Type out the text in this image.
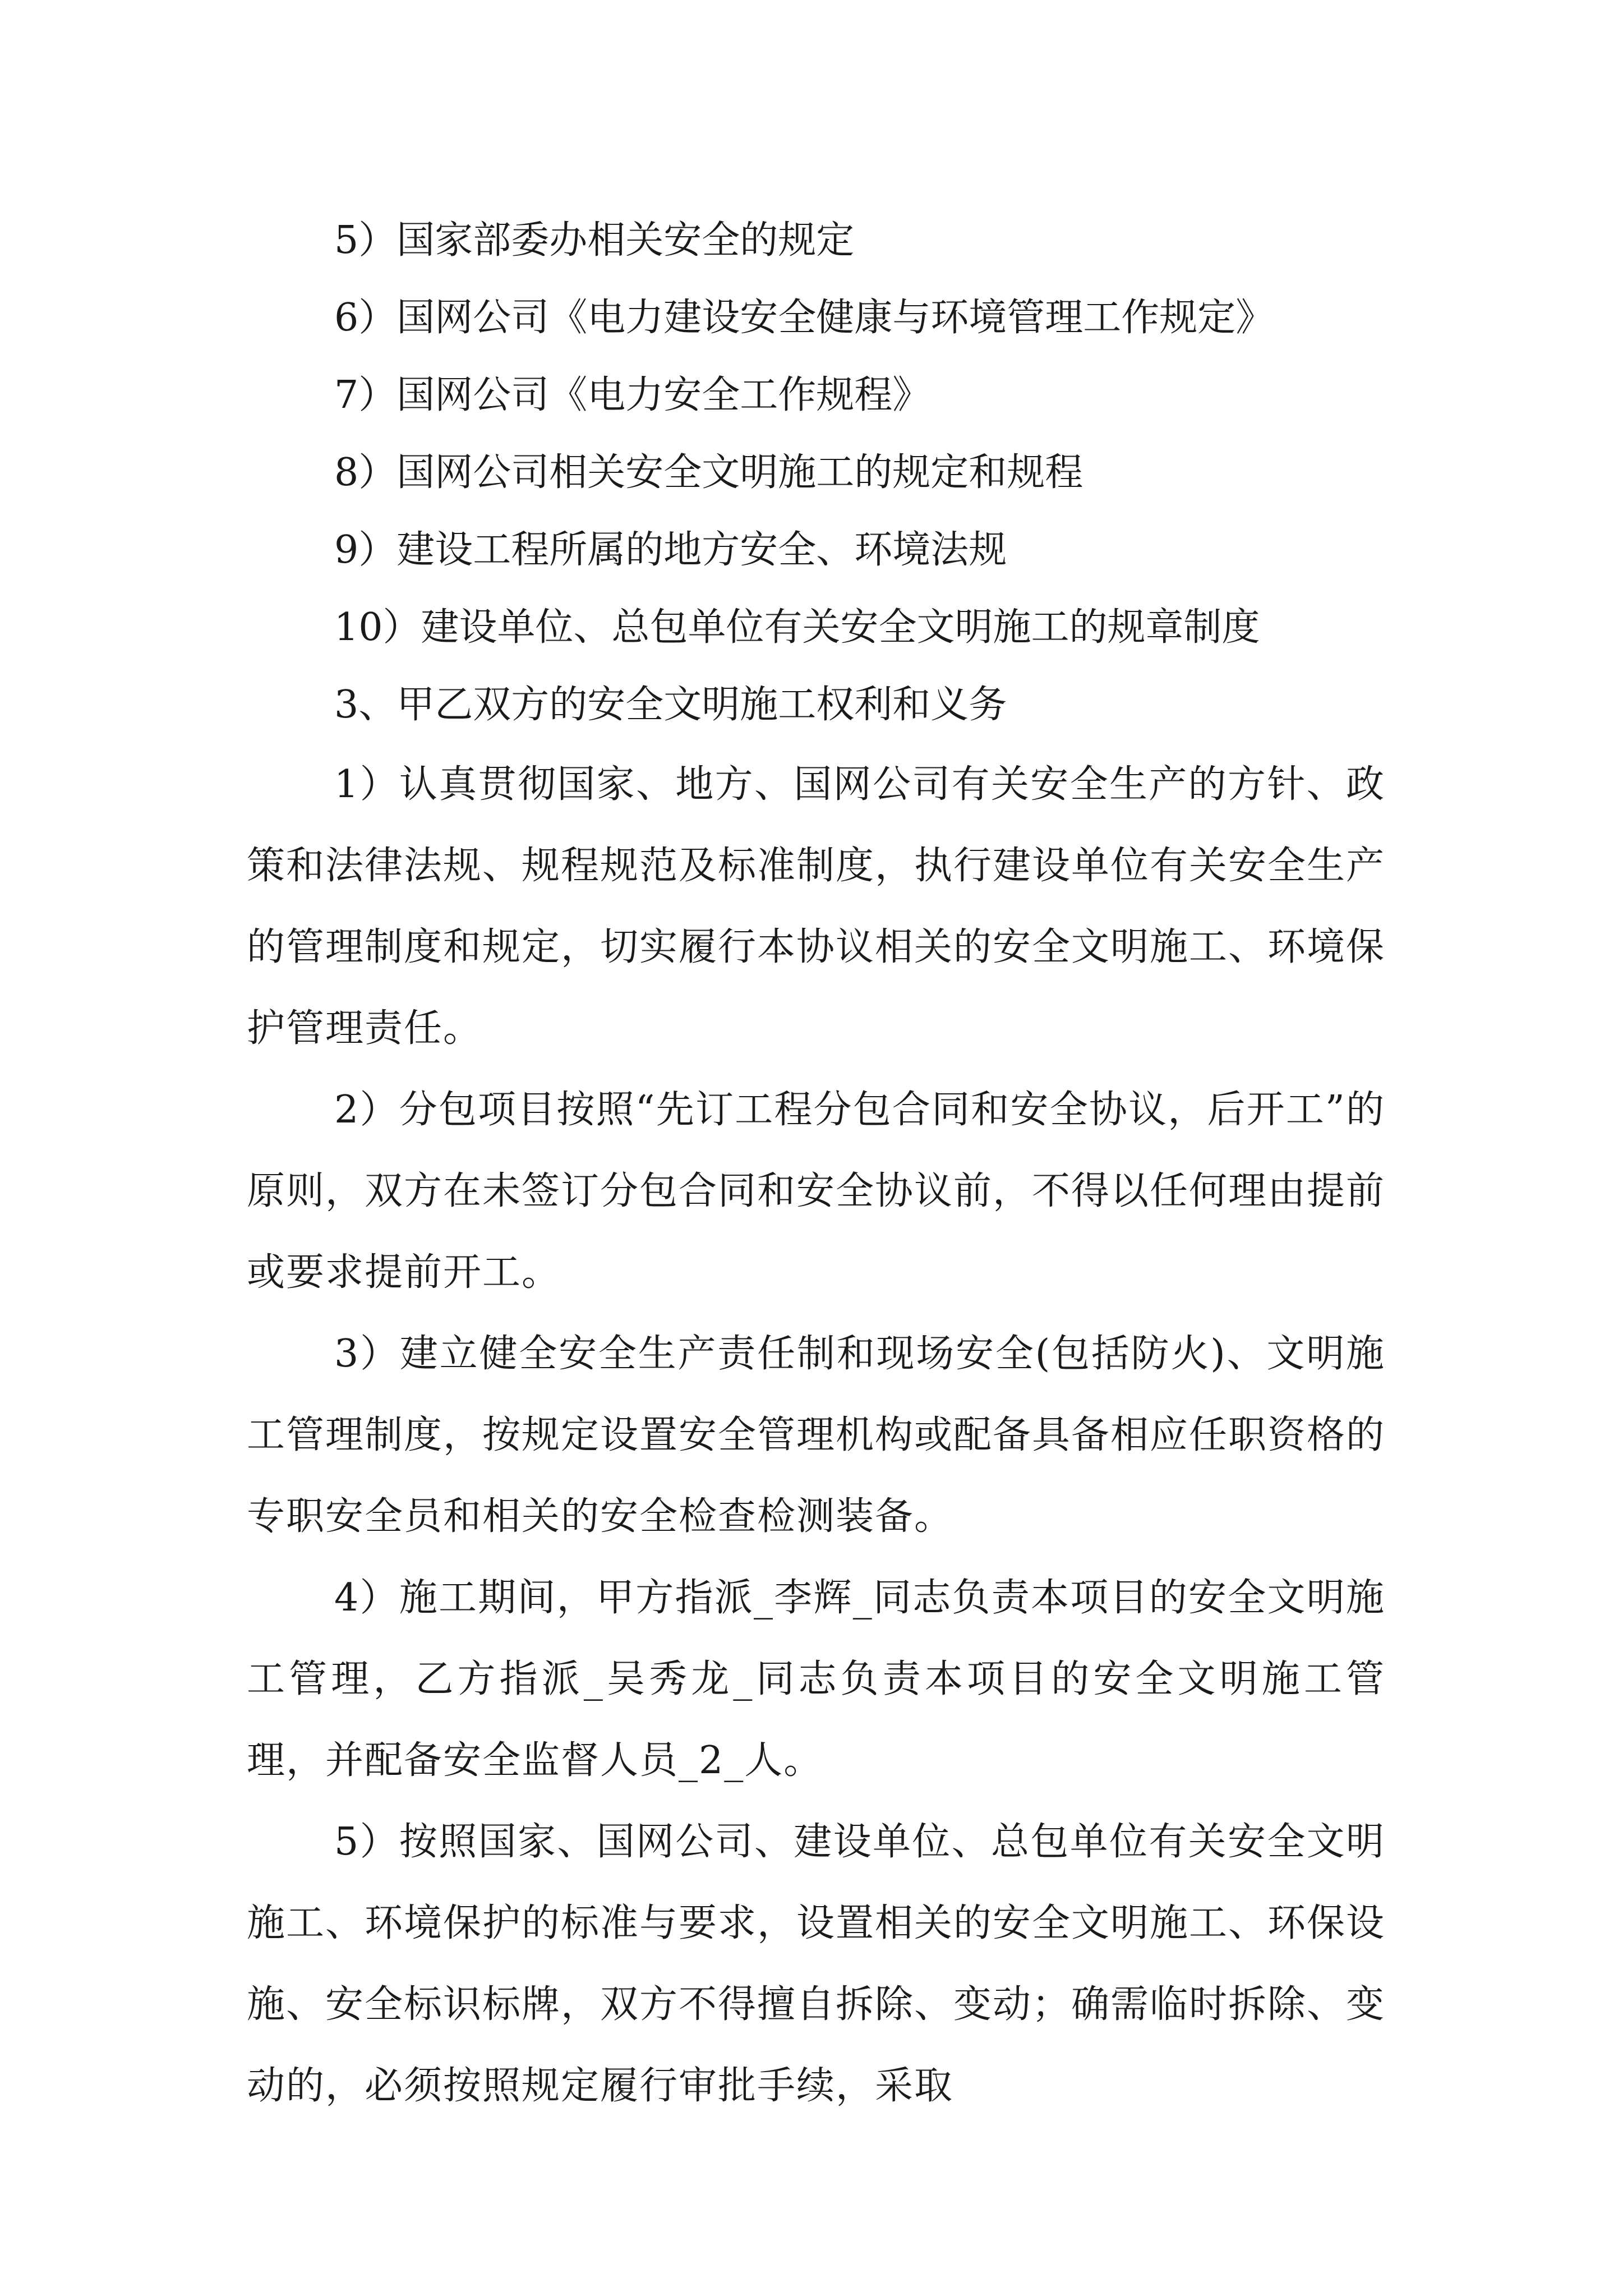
5）国家部委办相关安全的规定

6）国网公司《电力建设安全健康与环境管理工作规定》

7）国网公司《电力安全工作规程》

8）国网公司相关安全文明施工的规定和规程

9）建设工程所属的地方安全、环境法规

10）建设单位、总包单位有关安全文明施工的规章制度

3、甲乙双方的安全文明施工权利和义务

1）认真贯彻国家、地方、国网公司有关安全生产的方针、政策和法律法规、规程规范及标准制度，执行建设单位有关安全生产的管理制度和规定，切实履行本协议相关的安全文明施工、环境保护管理责任。

2）分包项目按照“先订工程分包合同和安全协议，后开工”的原则，双方在未签订分包合同和安全协议前，不得以任何理由提前或要求提前开工。

3）建立健全安全生产责任制和现场安全(包括防火)、文明施工管理制度，按规定设置安全管理机构或配备具备相应任职资格的专职安全员和相关的安全检查检测装备。

4）施工期间，甲方指派_李辉_同志负责本项目的安全文明施工管理，乙方指派_吴秀龙_同志负责本项目的安全文明施工管理，并配备安全监督人员_2_人。

5）按照国家、国网公司、建设单位、总包单位有关安全文明施工、环境保护的标准与要求，设置相关的安全文明施工、环保设施、安全标识标牌，双方不得擅自拆除、变动；确需临时拆除、变动的，必须按照规定履行审批手续，采取
